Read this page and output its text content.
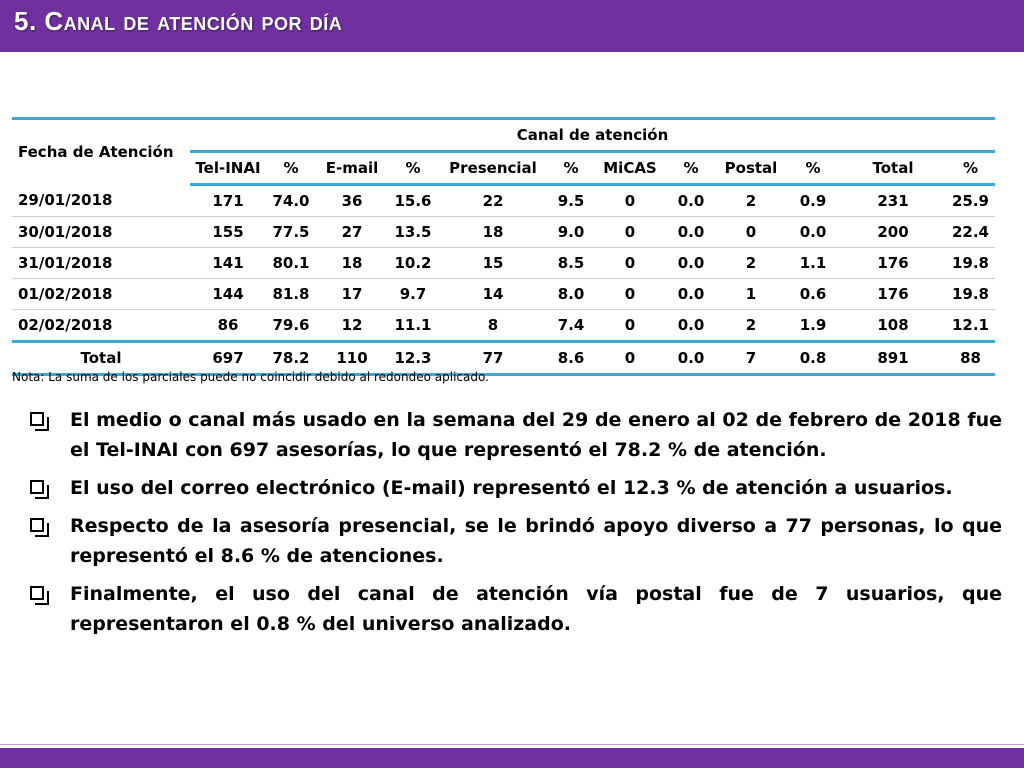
5. Canal de atención por día
Fecha de Atención	Canal de atención											
	Tel-INAI	%	E-mail	%	Presencial	%	MiCAS	%	Postal	%	Total	%
29/01/2018	171	74.0	36	15.6	22	9.5	0	0.0	2	0.9	231	25.9
30/01/2018	155	77.5	27	13.5	18	9.0	0	0.0	0	0.0	200	22.4
31/01/2018	141	80.1	18	10.2	15	8.5	0	0.0	2	1.1	176	19.8
01/02/2018	144	81.8	17	9.7	14	8.0	0	0.0	1	0.6	176	19.8
02/02/2018	86	79.6	12	11.1	8	7.4	0	0.0	2	1.9	108	12.1
Total	697	78.2	110	12.3	77	8.6	0	0.0	7	0.8	891	88
Nota: La suma de los parciales puede no coincidir debido al redondeo aplicado.
El medio o canal más usado en la semana del 29 de enero al 02 de febrero de 2018 fue el Tel-INAI con 697 asesorías, lo que representó el 78.2 % de atención.
El uso del correo electrónico (E-mail) representó el 12.3 % de atención a usuarios.
Respecto de la asesoría presencial, se le brindó apoyo diverso a 77 personas, lo que representó el 8.6 % de atenciones.
Finalmente, el uso del canal de atención vía postal fue de 7 usuarios, que representaron el 0.8 % del universo analizado.
